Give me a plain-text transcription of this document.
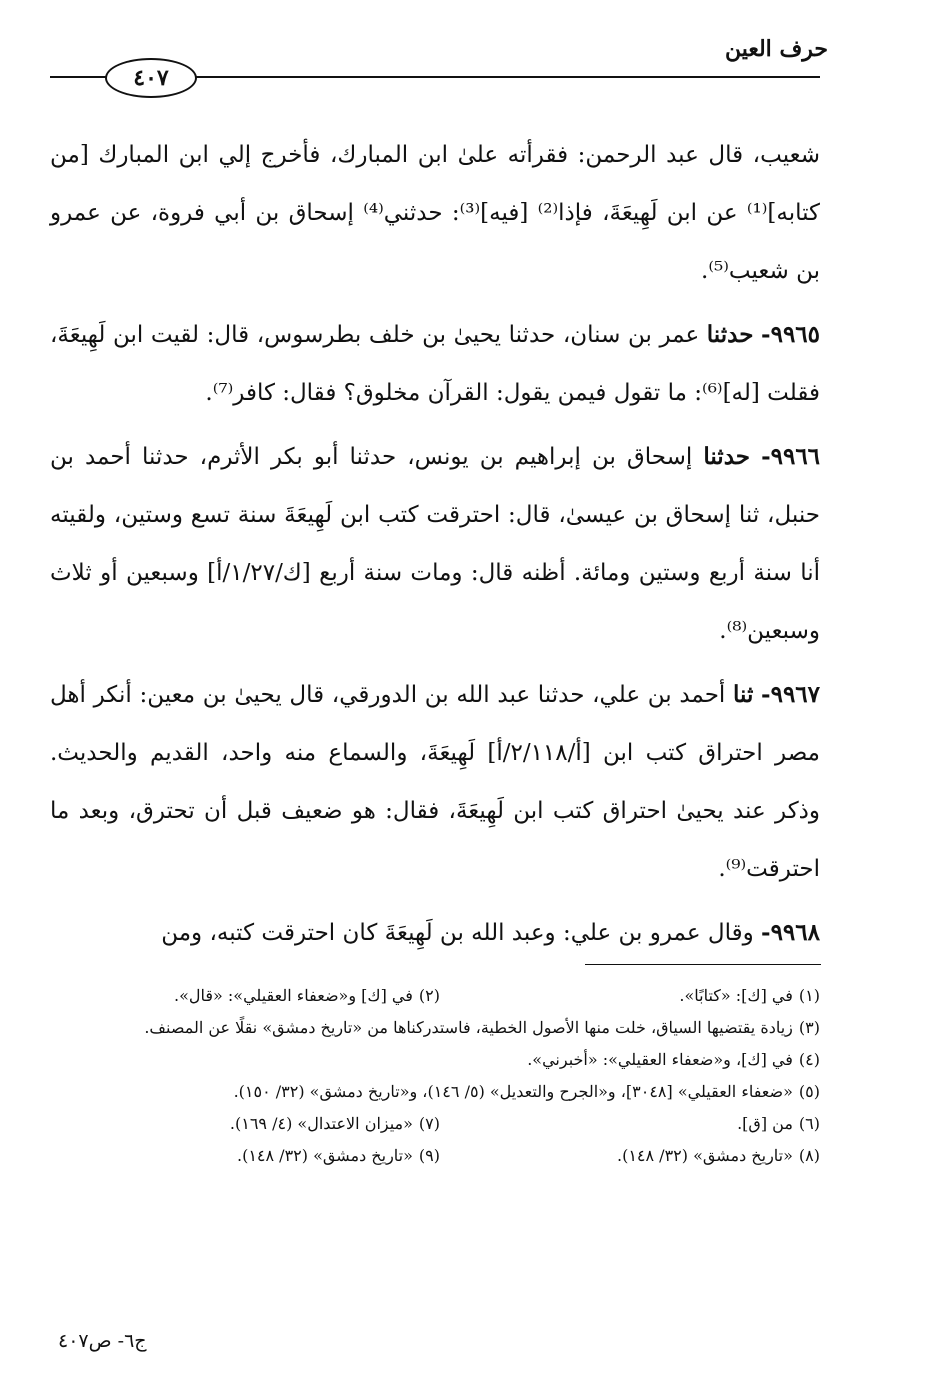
حرف العين
٤٠٧

شعيب، قال عبد الرحمن: فقرأته علىٰ ابن المبارك، فأخرج إلي ابن المبارك [من كتابه]⁽¹⁾ عن ابن لَهِيعَةَ، فإذا⁽²⁾ [فيه]⁽³⁾: حدثني⁽⁴⁾ إسحاق بن أبي فروة، عن عمرو بن شعيب⁽⁵⁾.

٩٩٦٥- حدثنا عمر بن سنان، حدثنا يحيىٰ بن خلف بطرسوس، قال: لقيت ابن لَهِيعَةَ، فقلت [له]⁽⁶⁾: ما تقول فيمن يقول: القرآن مخلوق؟ فقال: كافر⁽⁷⁾.

٩٩٦٦- حدثنا إسحاق بن إبراهيم بن يونس، حدثنا أبو بكر الأثرم، حدثنا أحمد بن حنبل، ثنا إسحاق بن عيسىٰ، قال: احترقت كتب ابن لَهِيعَةَ سنة تسع وستين، ولقيته أنا سنة أربع وستين ومائة. أظنه قال: ومات سنة أربع [ك/١/٢٧/أ] وسبعين أو ثلاث وسبعين⁽⁸⁾.

٩٩٦٧- ثنا أحمد بن علي، حدثنا عبد الله بن الدورقي، قال يحيىٰ بن معين: أنكر أهل مصر احتراق كتب ابن [أ/٢/١١٨/أ] لَهِيعَةَ، والسماع منه واحد، القديم والحديث. وذكر عند يحيىٰ احتراق كتب ابن لَهِيعَةَ، فقال: هو ضعيف قبل أن تحترق، وبعد ما احترقت⁽⁹⁾.

٩٩٦٨- وقال عمرو بن علي: وعبد الله بن لَهِيعَةَ كان احترقت كتبه، ومن

(١)في [ك]: «كتابًا».
(٢)في [ك] و«ضعفاء العقيلي»: «قال».
(٣)زيادة يقتضيها السياق، خلت منها الأصول الخطية، فاستدركناها من «تاريخ دمشق» نقلًا عن المصنف.
(٤)في [ك]، و«ضعفاء العقيلي»: «أخبرني».
(٥)«ضعفاء العقيلي» [٣٠٤٨]، و«الجرح والتعديل» (٥/ ١٤٦)، و«تاريخ دمشق» (٣٢/ ١٥٠).
(٦)من [ق].
(٧)«ميزان الاعتدال» (٤/ ١٦٩).
(٨)«تاريخ دمشق» (٣٢/ ١٤٨).
(٩)«تاريخ دمشق» (٣٢/ ١٤٨).
ج٦- ص٤٠٧
